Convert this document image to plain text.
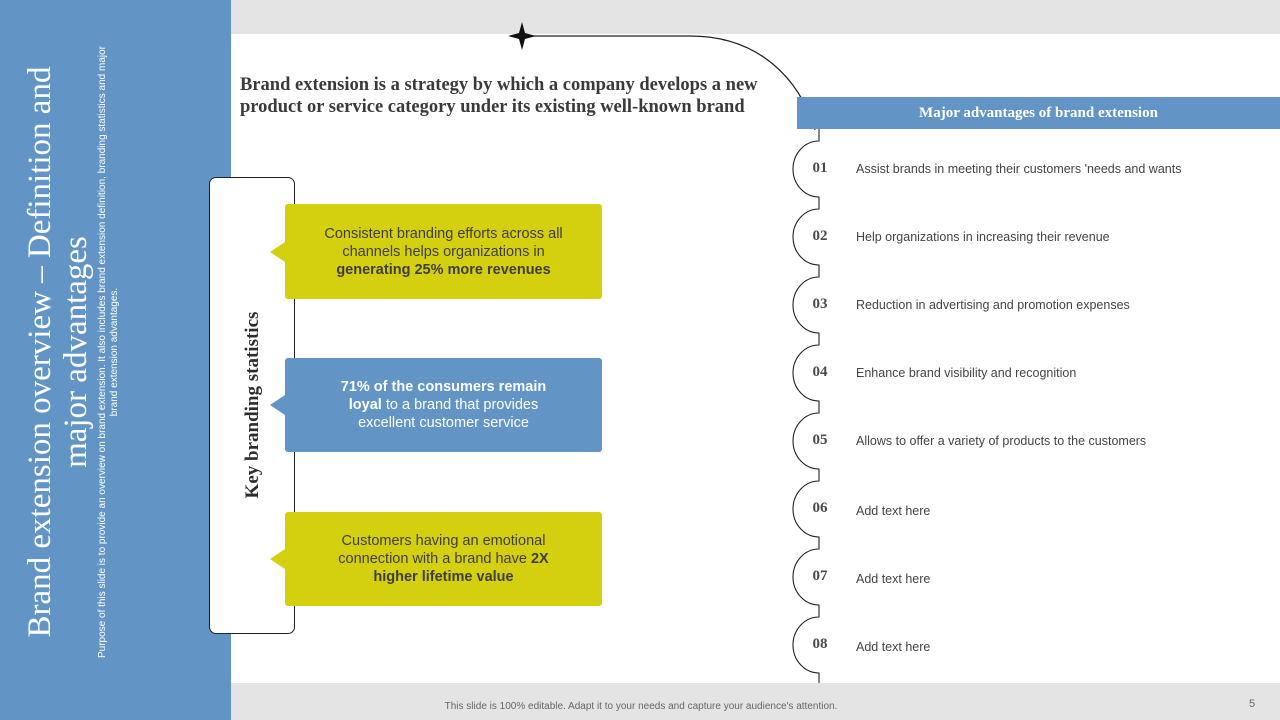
This slide is 100% editable. Adapt it to your needs and capture your audience's attention.	5
Brand extension overview – Definition and major advantages Purpose of this slide is to provide an overview on brand extension. It also includes brand extension definition, branding statistics and major brand extension advantages.
Brand extension is a strategy by which a company develops a new product or service category under its existing well-known brand
Key branding statistics
Consistent branding efforts across all channels helps organizations in generating 25% more revenues
71% of the consumers remain loyal to a brand that provides excellent customer service
Customers having an emotional connection with a brand have 2X higher lifetime value
Major advantages of brand extension
01	Assist brands in meeting their customers 'needs and wants
02	Help organizations in increasing their revenue
03	Reduction in advertising and promotion expenses
04	Enhance brand visibility and recognition
05	Allows to offer a variety of products to the customers
06	Add text here
07	Add text here
08	Add text here
